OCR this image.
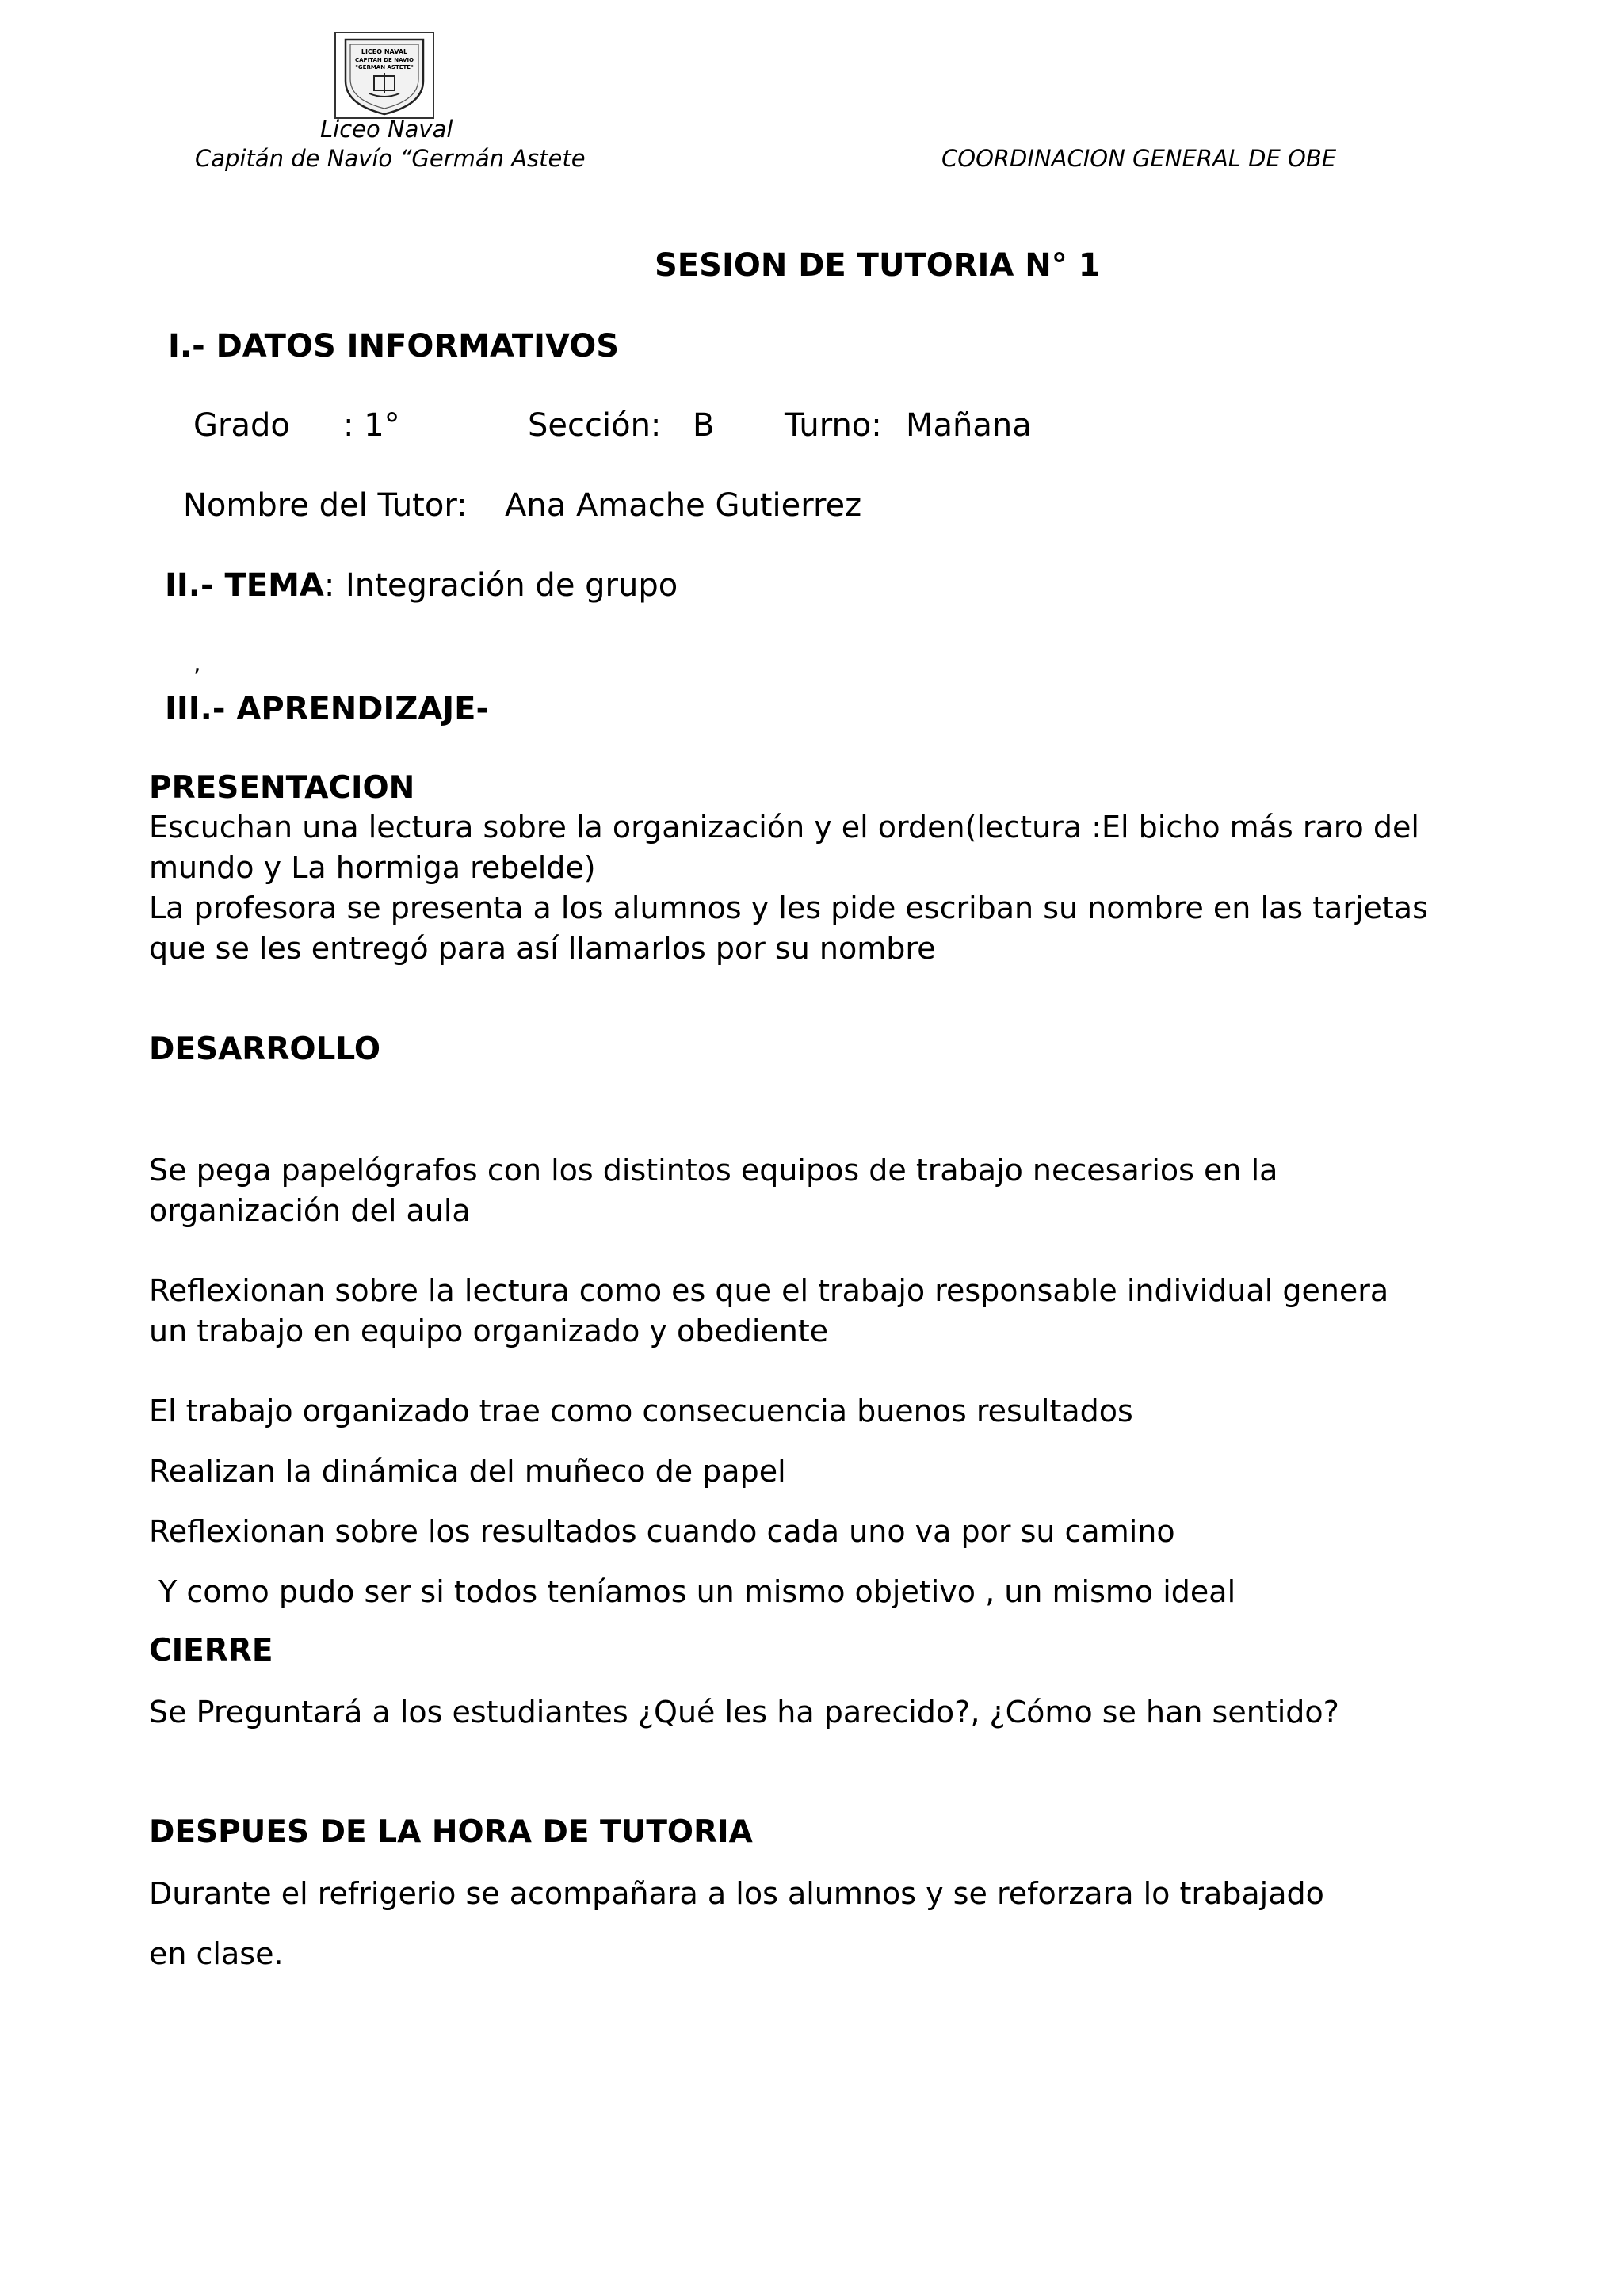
LICEO NAVAL
CAPITAN DE NAVIO
"GERMAN ASTETE"
Liceo Naval
Capitán de Navío “Germán Astete	COORDINACION GENERAL DE OBE
SESION DE TUTORIA N° 1
I.- DATOS INFORMATIVOS
Grado : 1°	Sección: B Turno: Mañana
Nombre del Tutor: Ana Amache Gutierrez
II.- TEMA: Integración de grupo
,
III.- APRENDIZAJE-
PRESENTACION
Escuchan una lectura sobre la organización y el orden(lectura :El bicho más raro del
mundo y La hormiga rebelde)
La profesora se presenta a los alumnos y les pide escriban su nombre en las tarjetas
que se les entregó para así llamarlos por su nombre
DESARROLLO
Se pega papelógrafos con los distintos equipos de trabajo necesarios en la
organización del aula
Reflexionan sobre la lectura como es que el trabajo responsable individual genera
un trabajo en equipo organizado y obediente
El trabajo organizado trae como consecuencia buenos resultados
Realizan la dinámica del muñeco de papel
Reflexionan sobre los resultados cuando cada uno va por su camino
Y como pudo ser si todos teníamos un mismo objetivo , un mismo ideal
CIERRE
Se Preguntará a los estudiantes ¿Qué les ha parecido?, ¿Cómo se han sentido?
DESPUES DE LA HORA DE TUTORIA
Durante el refrigerio se acompañara a los alumnos y se reforzara lo trabajado
en clase.
